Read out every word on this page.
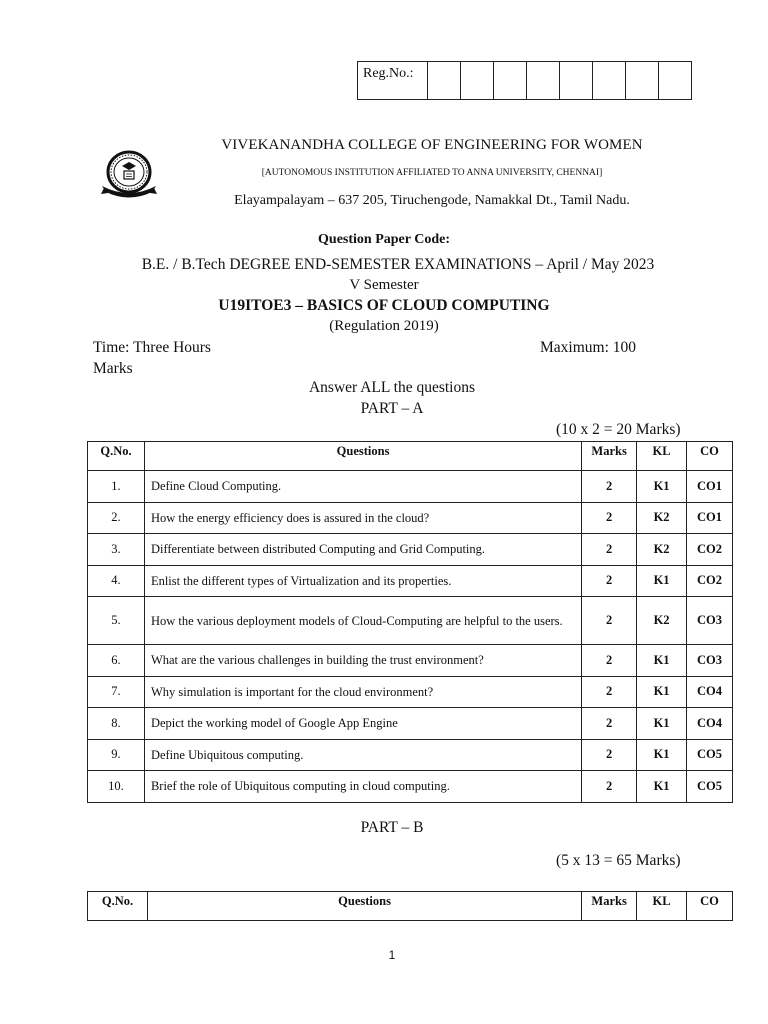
Reg.No.:								
VIVEKANANDHA COLLEGE OF ENGINEERING FOR WOMEN
[AUTONOMOUS INSTITUTION AFFILIATED TO ANNA UNIVERSITY, CHENNAI]
Elayampalayam – 637 205, Tiruchengode, Namakkal Dt., Tamil Nadu.
Question Paper Code:
B.E. / B.Tech DEGREE END-SEMESTER EXAMINATIONS – April / May 2023
V Semester
U19ITOE3 – BASICS OF CLOUD COMPUTING
(Regulation 2019)
Time: Three Hours	Maximum: 100
Marks
Answer ALL the questions
PART – A
(10 x 2 = 20 Marks)
Q.No.	Questions	Marks	KL	CO
1.	Define Cloud Computing.	2	K1	CO1
2.	How the energy efficiency does is assured in the cloud?	2	K2	CO1
3.	Differentiate between distributed Computing and Grid Computing.	2	K2	CO2
4.	Enlist the different types of Virtualization and its properties.	2	K1	CO2
5.	How the various deployment models of Cloud-Computing are helpful to the users.	2	K2	CO3
6.	What are the various challenges in building the trust environment?	2	K1	CO3
7.	Why simulation is important for the cloud environment?	2	K1	CO4
8.	Depict the working model of Google App Engine	2	K1	CO4
9.	Define Ubiquitous computing.	2	K1	CO5
10.	Brief the role of Ubiquitous computing in cloud computing.	2	K1	CO5
PART – B
(5 x 13 = 65 Marks)
Q.No.	Questions	Marks	KL	CO
1
